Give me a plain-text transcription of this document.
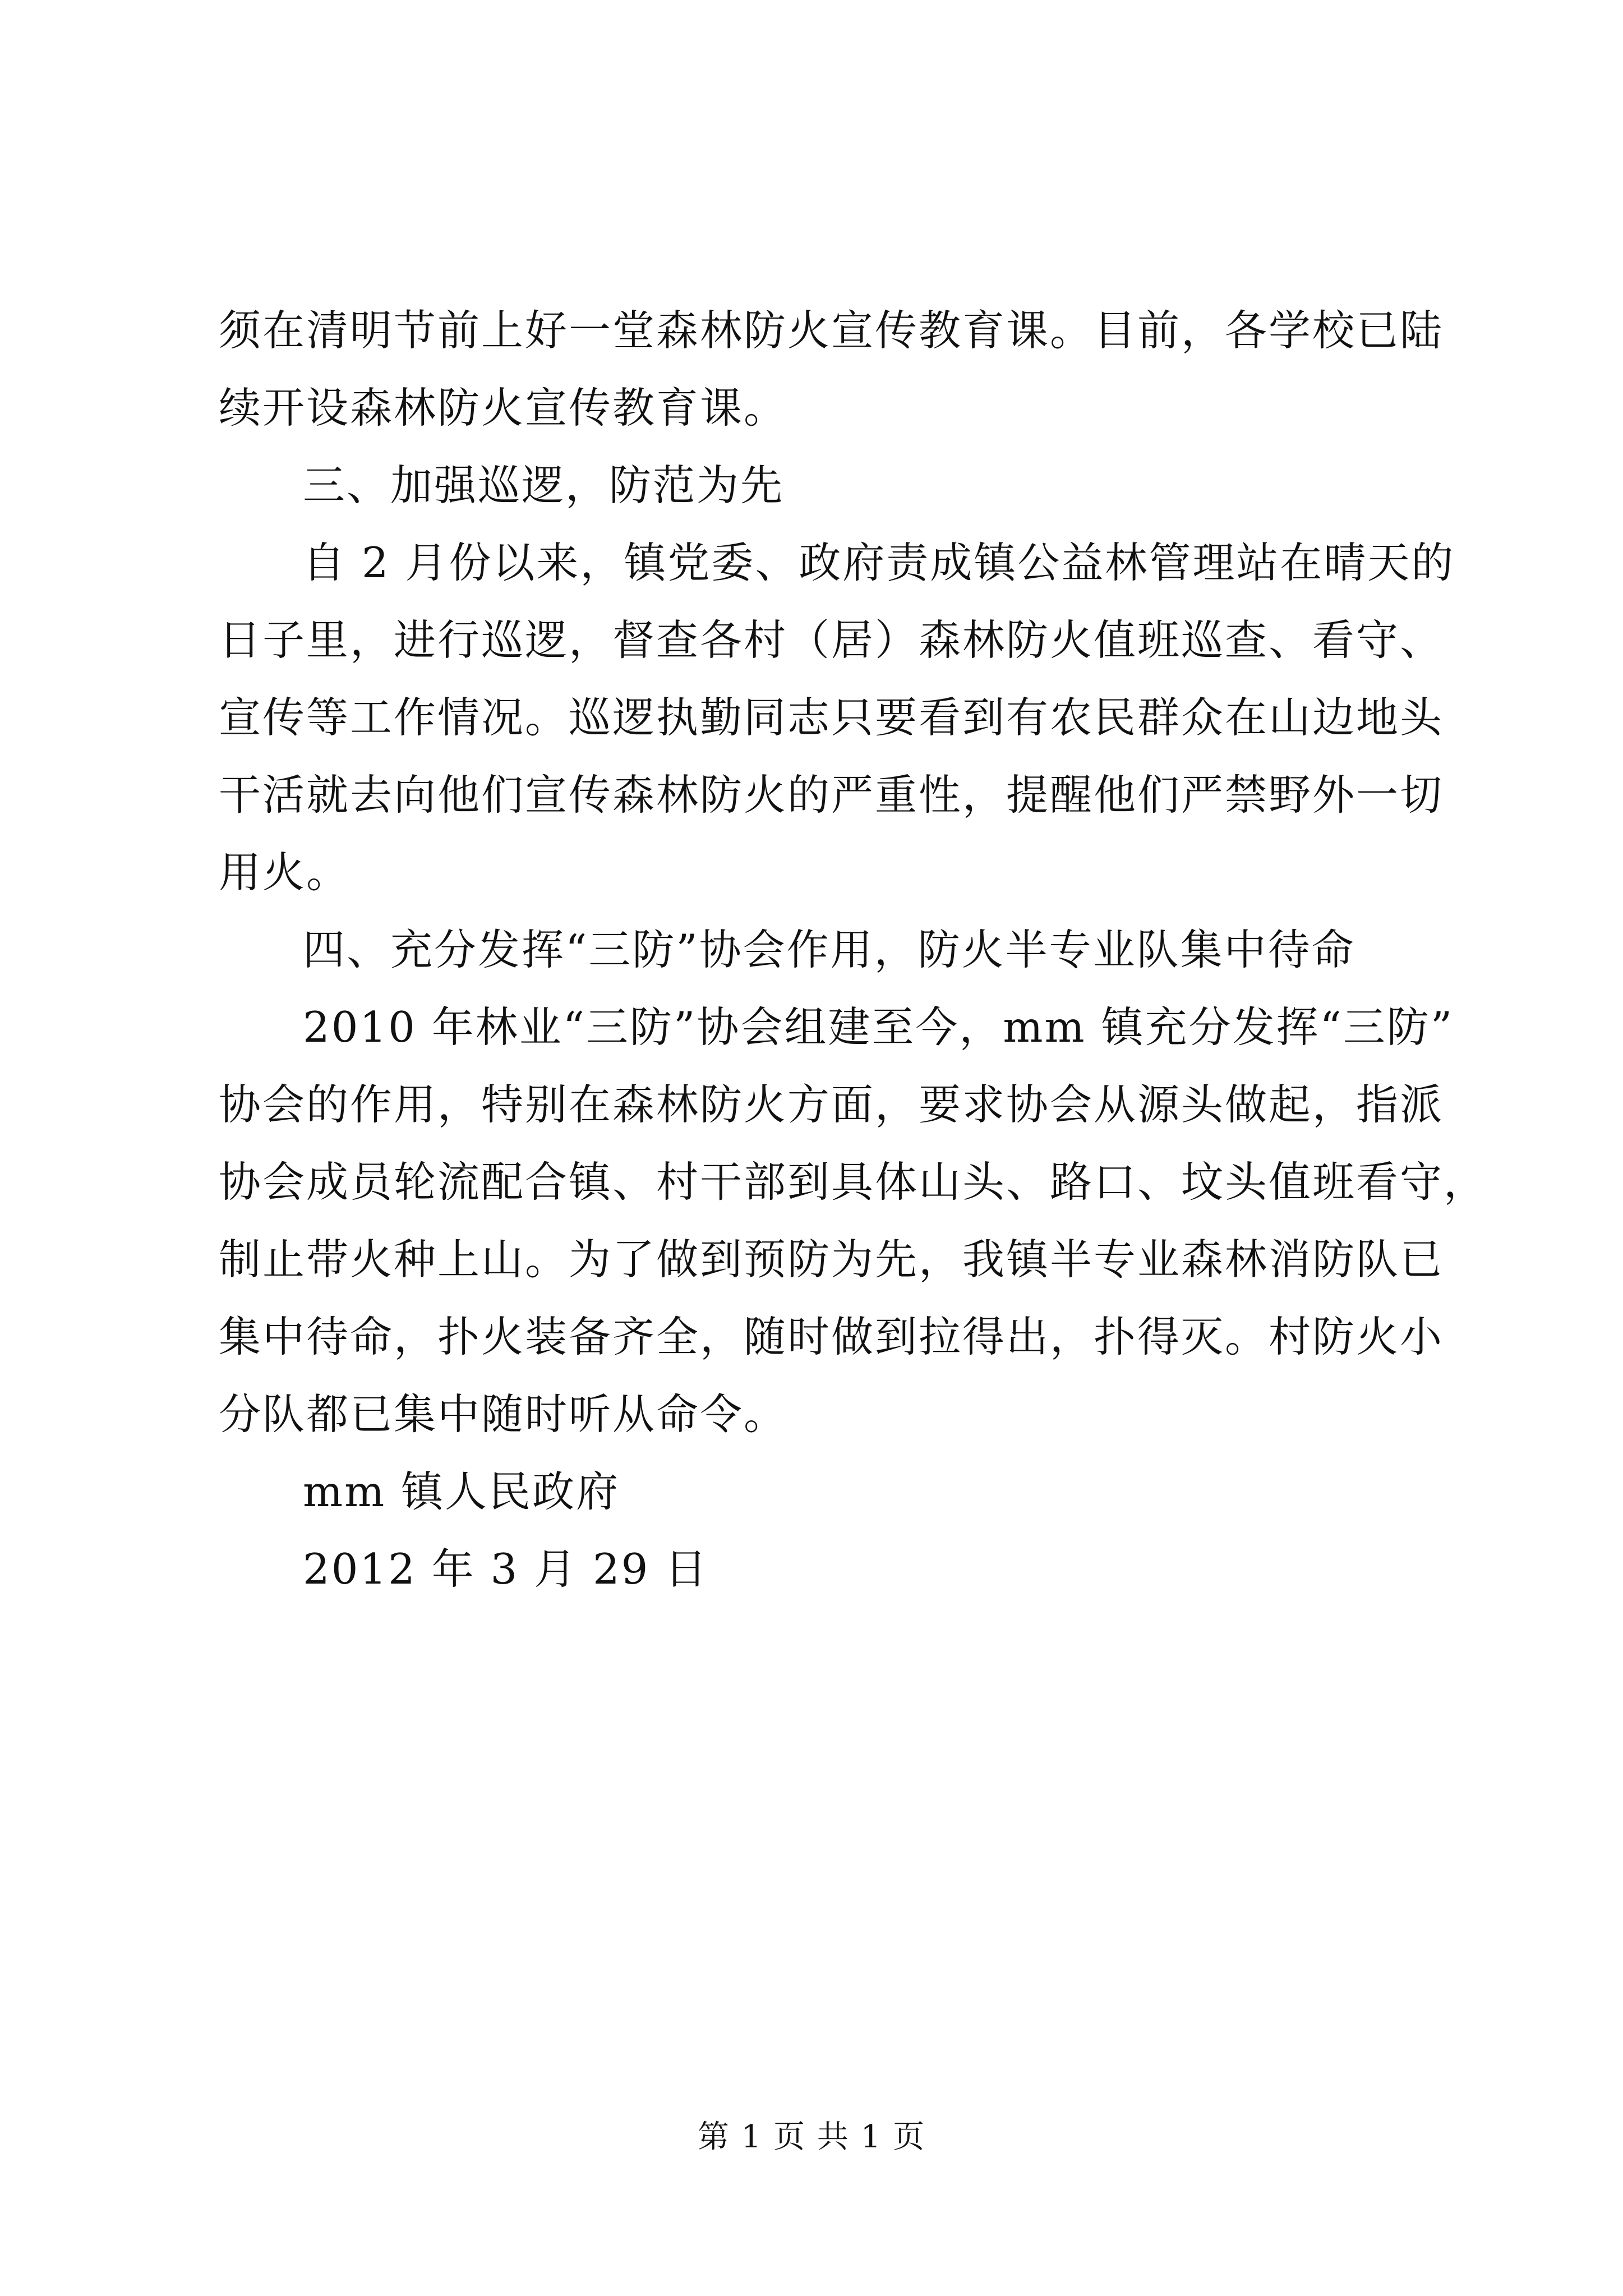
须在清明节前上好一堂森林防火宣传教育课。目前，各学校已陆
续开设森林防火宣传教育课。
三、加强巡逻，防范为先
自 2 月份以来，镇党委、政府责成镇公益林管理站在晴天的
日子里，进行巡逻，督查各村（居）森林防火值班巡查、看守、
宣传等工作情况。巡逻执勤同志只要看到有农民群众在山边地头
干活就去向他们宣传森林防火的严重性，提醒他们严禁野外一切
用火。
四、充分发挥“三防”协会作用，防火半专业队集中待命
2010 年林业“三防”协会组建至今，mm 镇充分发挥“三防”
协会的作用，特别在森林防火方面，要求协会从源头做起，指派
协会成员轮流配合镇、村干部到具体山头、路口、坟头值班看守，
制止带火种上山。为了做到预防为先，我镇半专业森林消防队已
集中待命，扑火装备齐全，随时做到拉得出，扑得灭。村防火小
分队都已集中随时听从命令。
mm 镇人民政府
2012 年 3 月 29 日
第 1 页 共 1 页
